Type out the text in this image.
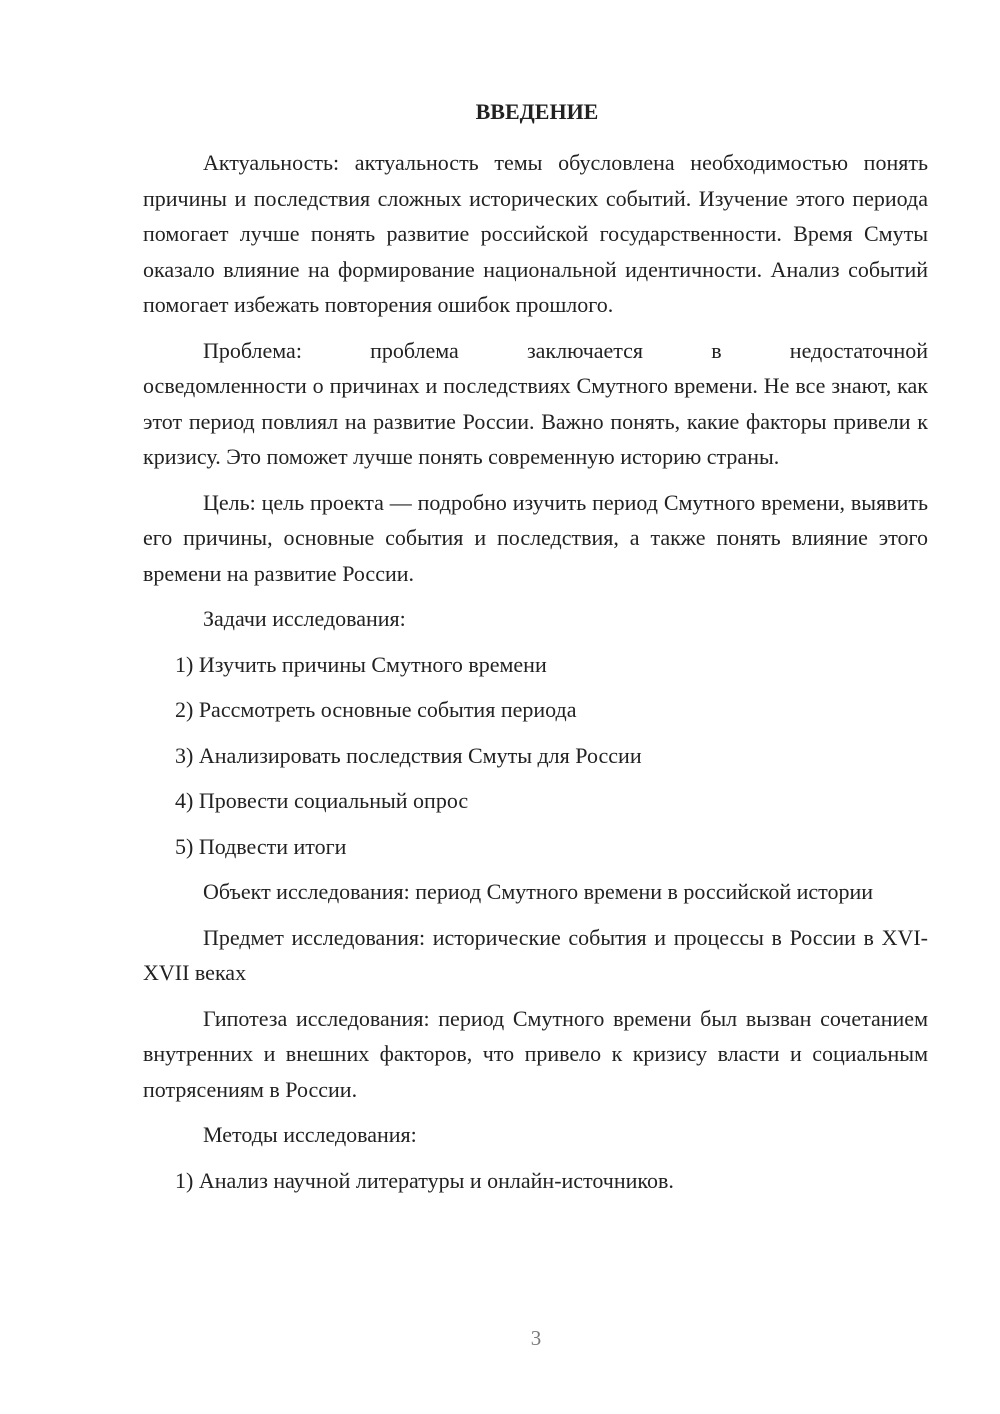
ВВЕДЕНИЕ

Актуальность: актуальность темы обусловлена необходимостью понять причины и последствия сложных исторических событий. Изучение этого периода помогает лучше понять развитие российской государственности. Время Смуты оказало влияние на формирование национальной идентичности. Анализ событий помогает избежать повторения ошибок прошлого.

Проблема: проблема заключается в недостаточной

осведомленности о причинах и последствиях Смутного времени. Не все знают, как этот период повлиял на развитие России. Важно понять, какие факторы привели к кризису. Это поможет лучше понять современную историю страны.

Цель: цель проекта — подробно изучить период Смутного времени, выявить его причины, основные события и последствия, а также понять влияние этого времени на развитие России.

Задачи исследования:
1) Изучить причины Смутного времени
2) Рассмотреть основные события периода
3) Анализировать последствия Смуты для России
4) Провести социальный опрос
5) Подвести итоги

Объект исследования: период Смутного времени в российской истории

Предмет исследования: исторические события и процессы в России в XVI-XVII веках

Гипотеза исследования: период Смутного времени был вызван сочетанием внутренних и внешних факторов, что привело к кризису власти и социальным потрясениям в России.

Методы исследования:
1) Анализ научной литературы и онлайн-источников.
3
